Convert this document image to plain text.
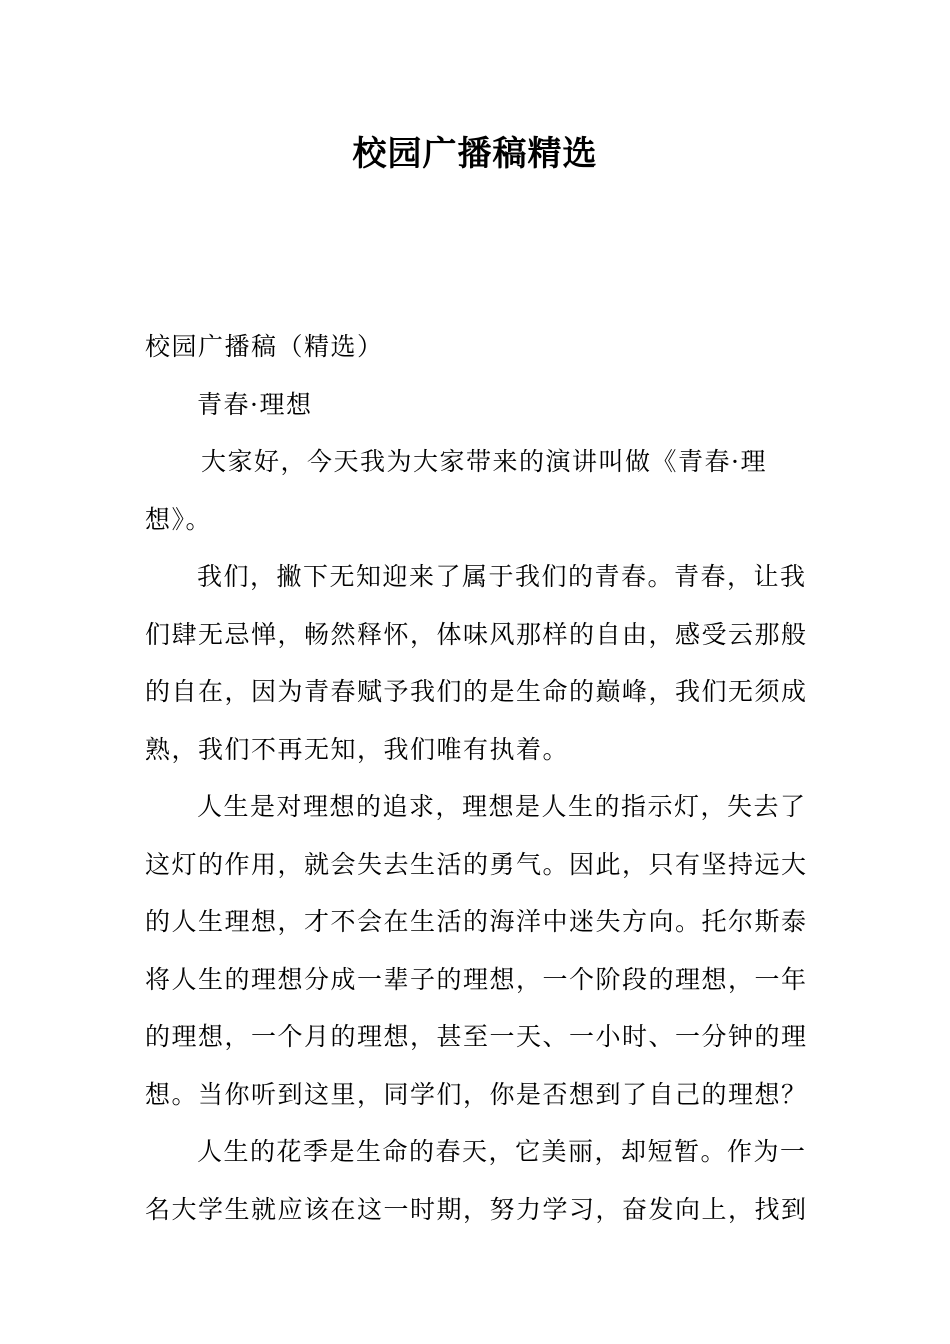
校园广播稿精选
校园广播稿（精选）
青春·理想
大家好，今天我为大家带来的演讲叫做《青春·理
想》。
我们，撇下无知迎来了属于我们的青春。青春，让我
们肆无忌惮，畅然释怀，体味风那样的自由，感受云那般
的自在，因为青春赋予我们的是生命的巅峰，我们无须成
熟，我们不再无知，我们唯有执着。
人生是对理想的追求，理想是人生的指示灯，失去了
这灯的作用，就会失去生活的勇气。因此，只有坚持远大
的人生理想，才不会在生活的海洋中迷失方向。托尔斯泰
将人生的理想分成一辈子的理想，一个阶段的理想，一年
的理想，一个月的理想，甚至一天、一小时、一分钟的理
想。当你听到这里，同学们，你是否想到了自己的理想？
人生的花季是生命的春天，它美丽，却短暂。作为一
名大学生就应该在这一时期，努力学习，奋发向上，找到
